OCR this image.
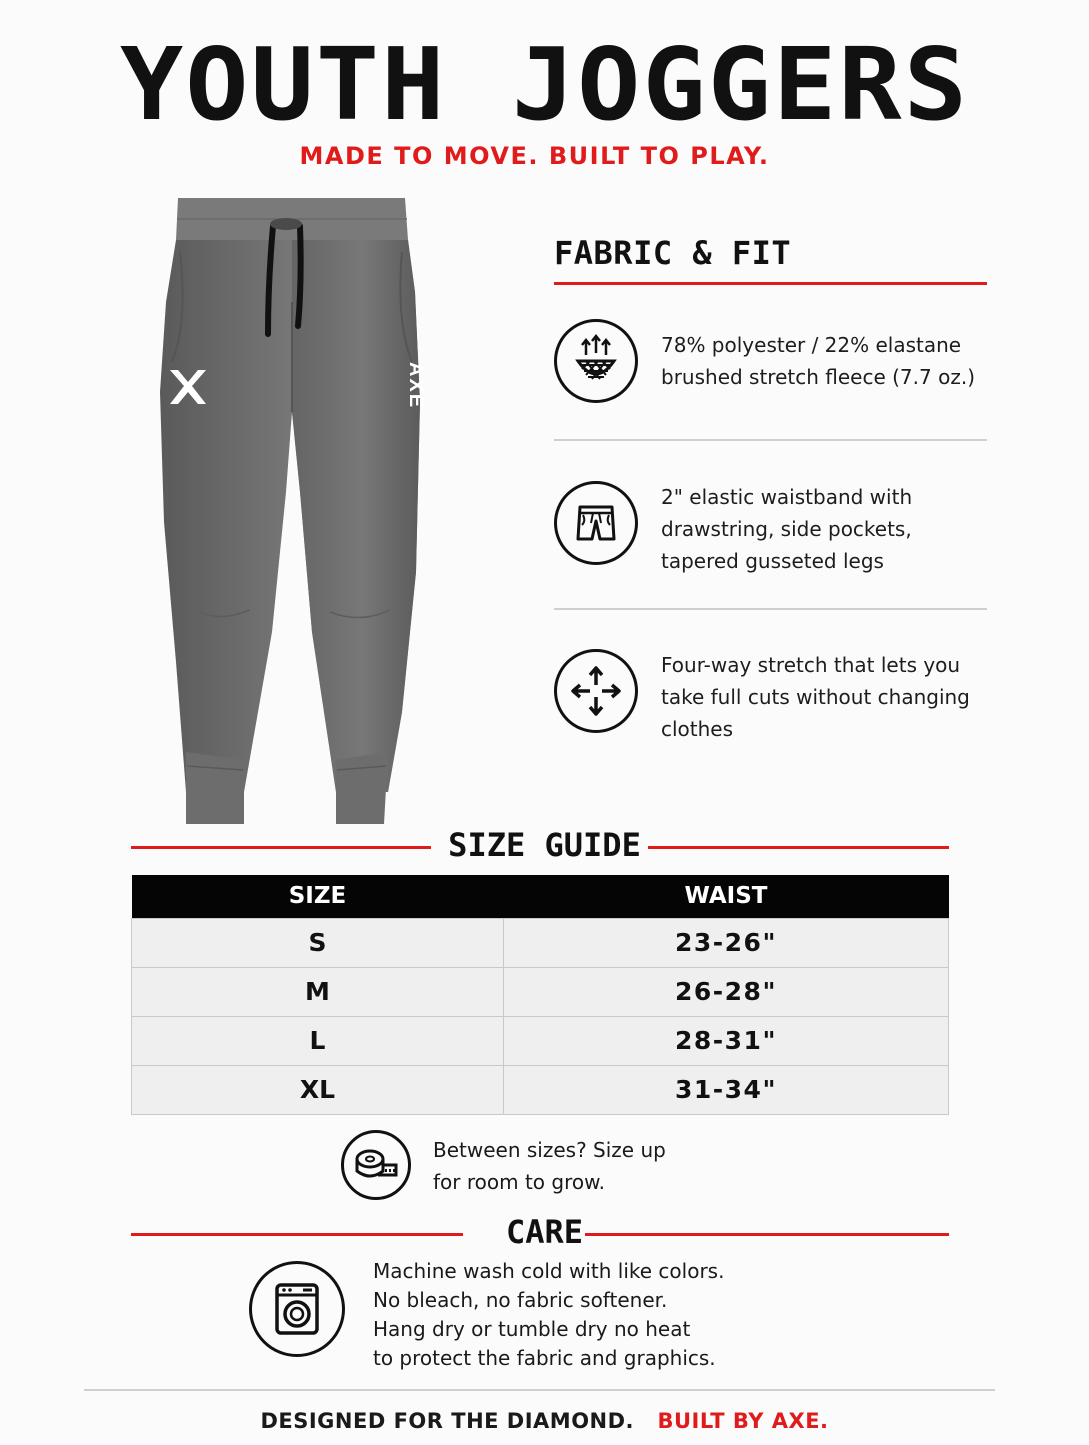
YOUTH JOGGERS
MADE TO MOVE. BUILT TO PLAY.
AXE
FABRIC & FIT
78% polyester / 22% elastane
brushed stretch fleece (7.7 oz.)
2" elastic waistband with
drawstring, side pockets,
tapered gusseted legs
Four-way stretch that lets you
take full cuts without changing
clothes
SIZE GUIDE
SIZE	WAIST
S	23-26"
M	26-28"
L	28-31"
XL	31-34"
Between sizes? Size up
for room to grow.
CARE
Machine wash cold with like colors.
No bleach, no fabric softener.
Hang dry or tumble dry no heat
to protect the fabric and graphics.
DESIGNED FOR THE DIAMOND. BUILT BY AXE.
